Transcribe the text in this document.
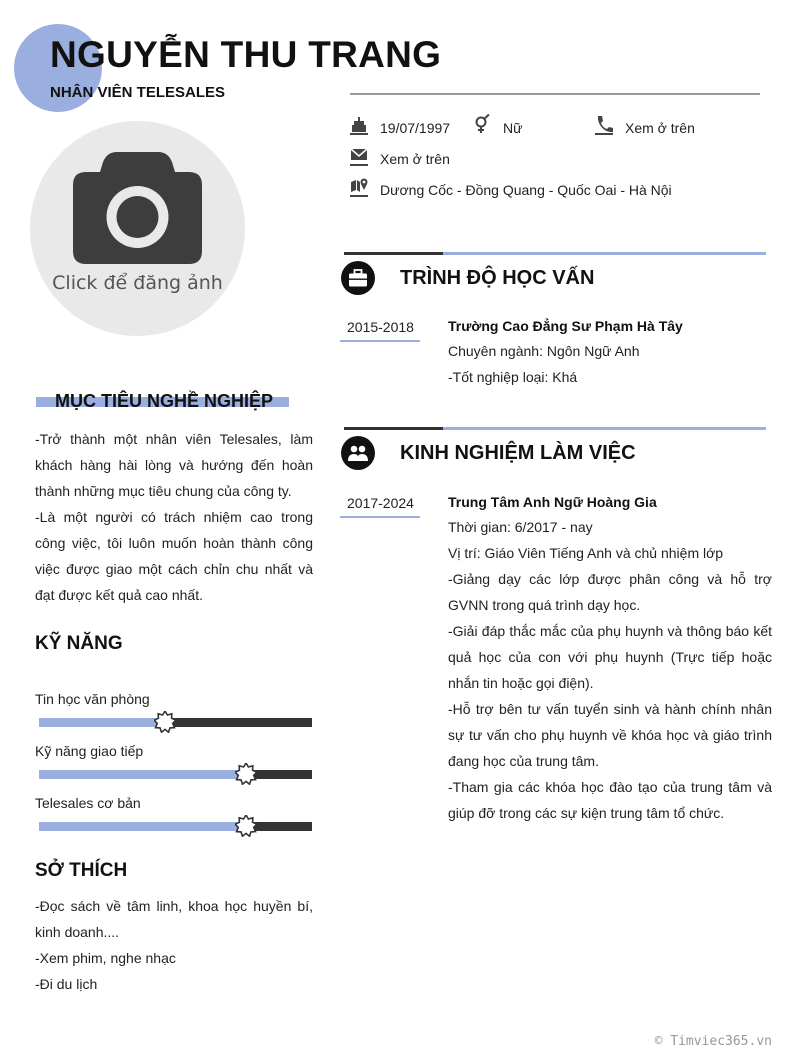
NGUYỄN THU TRANG
NHÂN VIÊN TELESALES
19/07/1997	Nữ	Xem ở trên
Xem ở trên
Dương Cốc - Đồng Quang - Quốc Oai - Hà Nội
Click để đăng ảnh
MỤC TIÊU NGHỀ NGHIỆP
-Trở thành một nhân viên Telesales, làm khách hàng hài lòng và hướng đến hoàn thành những mục tiêu chung của công ty.
-Là một người có trách nhiệm cao trong công việc, tôi luôn muốn hoàn thành công việc được giao một cách chỉn chu nhất và đạt được kết quả cao nhất.
KỸ NĂNG
Tin học văn phòng
Kỹ năng giao tiếp
Telesales cơ bản
SỞ THÍCH
-Đọc sách về tâm linh, khoa học huyền bí, kinh doanh....
-Xem phim, nghe nhạc
-Đi du lịch
TRÌNH ĐỘ HỌC VẤN
2015-2018 Trường Cao Đẳng Sư Phạm Hà Tây
Chuyên ngành: Ngôn Ngữ Anh
-Tốt nghiệp loại: Khá
KINH NGHIỆM LÀM VIỆC
2017-2024 Trung Tâm Anh Ngữ Hoàng Gia
Thời gian: 6/2017 - nay
Vị trí: Giáo Viên Tiếng Anh và chủ nhiệm lớp
-Giảng dạy các lớp được phân công và hỗ trợ GVNN trong quá trình dạy học.
-Giải đáp thắc mắc của phụ huynh và thông báo kết quả học của con với phụ huynh (Trực tiếp hoặc nhắn tin hoặc gọi điện).
-Hỗ trợ bên tư vấn tuyển sinh và hành chính nhân sự tư vấn cho phụ huynh về khóa học và giáo trình đang học của trung tâm.
-Tham gia các khóa học đào tạo của trung tâm và giúp đỡ trong các sự kiện trung tâm tổ chức.
© Timviec365.vn
